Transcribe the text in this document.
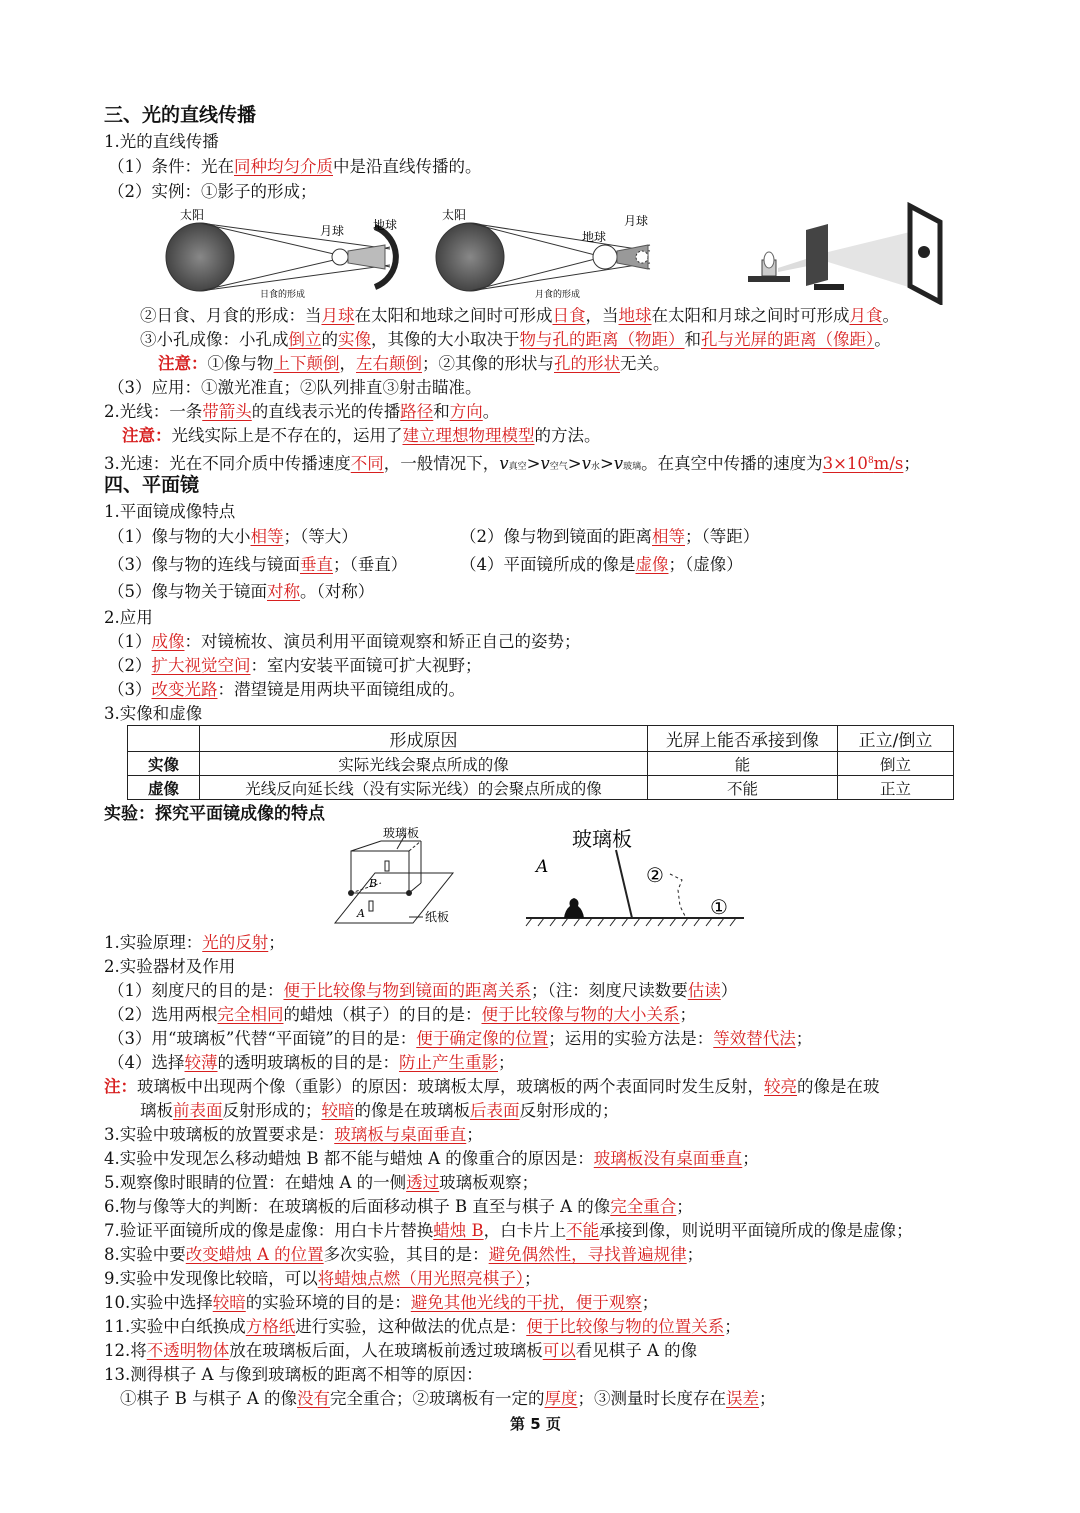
三、光的直线传播
1.光的直线传播
（1）条件：光在同种均匀介质中是沿直线传播的。
（2）实例：①影子的形成；
太阳
月球 地球
日食的形成
太阳
地球
月球
月食的形成
②日食、月食的形成：当月球在太阳和地球之间时可形成日食，当地球在太阳和月球之间时可形成月食。
③小孔成像：小孔成倒立的实像，其像的大小取决于物与孔的距离（物距）和孔与光屏的距离（像距）。
注意：①像与物上下颠倒，左右颠倒；②其像的形状与孔的形状无关。
（3）应用：①激光准直；②队列排直③射击瞄准。
2.光线：一条带箭头的直线表示光的传播路径和方向。
注意：光线实际上是不存在的，运用了建立理想物理模型的方法。
3.光速：光在不同介质中传播速度不同，一般情况下，v真空>v空气>v水>v玻璃。在真空中传播的速度为$3\times 10^8m/s$；
四、平面镜
1.平面镜成像特点
（1）像与物的大小相等；（等大）	（2）像与物到镜面的距离相等；（等距）
（3）像与物的连线与镜面垂直；（垂直）	（4）平面镜所成的像是虚像；（虚像）
（5）像与物关于镜面对称。（对称）
2.应用
（1）成像：对镜梳妆、演员利用平面镜观察和矫正自己的姿势；
（2）扩大视觉空间：室内安装平面镜可扩大视野；
（3）改变光路：潜望镜是用两块平面镜组成的。
3.实像和虚像
	形成原因	光屏上能否承接到像	正立/倒立
实像	实际光线会聚点所成的像	能	倒立
虚像	光线反向延长线（没有实际光线）的会聚点所成的像	不能	正立
实验：探究平面镜成像的特点
玻璃板
B
A	纸板
玻璃板
A	②
①
1.实验原理：光的反射；
2.实验器材及作用
（1）刻度尺的目的是：便于比较像与物到镜面的距离关系；（注：刻度尺读数要估读）
（2）选用两根完全相同的蜡烛（棋子）的目的是：便于比较像与物的大小关系；
（3）用“玻璃板”代替“平面镜”的目的是：便于确定像的位置；运用的实验方法是：等效替代法；
（4）选择较薄的透明玻璃板的目的是：防止产生重影；
注：玻璃板中出现两个像（重影）的原因：玻璃板太厚，玻璃板的两个表面同时发生反射，较亮的像是在玻
璃板前表面反射形成的；较暗的像是在玻璃板后表面反射形成的；
3.实验中玻璃板的放置要求是：玻璃板与桌面垂直；
4.实验中发现怎么移动蜡烛 B 都不能与蜡烛 A 的像重合的原因是：玻璃板没有桌面垂直；
5.观察像时眼睛的位置：在蜡烛 A 的一侧透过玻璃板观察；
6.物与像等大的判断：在玻璃板的后面移动棋子 B 直至与棋子 A 的像完全重合；
7.验证平面镜所成的像是虚像：用白卡片替换蜡烛 B，白卡片上不能承接到像，则说明平面镜所成的像是虚像；
8.实验中要改变蜡烛 A 的位置多次实验，其目的是：避免偶然性，寻找普遍规律；
9.实验中发现像比较暗，可以将蜡烛点燃（用光照亮棋子）；
10.实验中选择较暗的实验环境的目的是：避免其他光线的干扰，便于观察；
11.实验中白纸换成方格纸进行实验，这种做法的优点是：便于比较像与物的位置关系；
12.将不透明物体放在玻璃板后面，人在玻璃板前透过玻璃板可以看见棋子 A 的像
13.测得棋子 A 与像到玻璃板的距离不相等的原因：
①棋子 B 与棋子 A 的像没有完全重合；②玻璃板有一定的厚度；③测量时长度存在误差；
第 5 页
